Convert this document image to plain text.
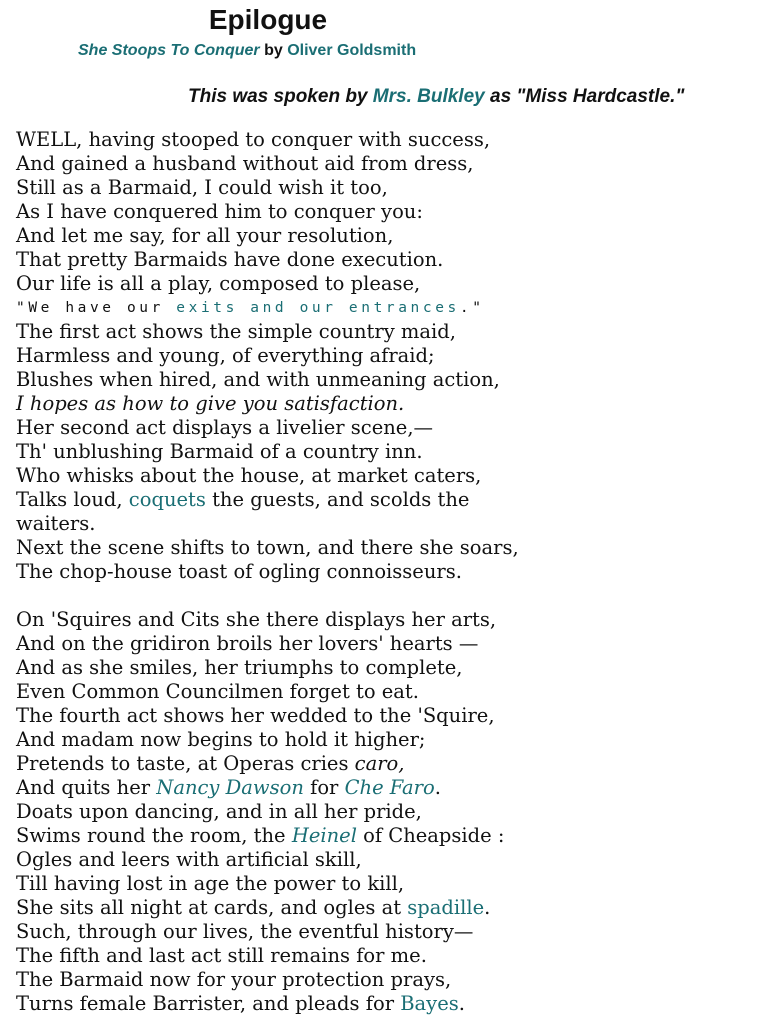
Epilogue
She Stoops To Conquer by Oliver Goldsmith
This was spoken by Mrs. Bulkley as "Miss Hardcastle."
WELL, having stooped to conquer with success,
And gained a husband without aid from dress,
Still as a Barmaid, I could wish it too,
As I have conquered him to conquer you:
And let me say, for all your resolution,
That pretty Barmaids have done execution.
Our life is all a play, composed to please,
"We have our exits and our entrances."
The first act shows the simple country maid,
Harmless and young, of everything afraid;
Blushes when hired, and with unmeaning action,
I hopes as how to give you satisfaction.
Her second act displays a livelier scene,—
Th' unblushing Barmaid of a country inn.
Who whisks about the house, at market caters,
Talks loud, coquets the guests, and scolds the
waiters.
Next the scene shifts to town, and there she soars,
The chop-house toast of ogling connoisseurs.
On 'Squires and Cits she there displays her arts,
And on the gridiron broils her lovers' hearts —
And as she smiles, her triumphs to complete,
Even Common Councilmen forget to eat.
The fourth act shows her wedded to the 'Squire,
And madam now begins to hold it higher;
Pretends to taste, at Operas cries caro,
And quits her Nancy Dawson for Che Faro.
Doats upon dancing, and in all her pride,
Swims round the room, the Heinel of Cheapside :
Ogles and leers with artificial skill,
Till having lost in age the power to kill,
She sits all night at cards, and ogles at spadille.
Such, through our lives, the eventful history—
The fifth and last act still remains for me.
The Barmaid now for your protection prays,
Turns female Barrister, and pleads for Bayes.
